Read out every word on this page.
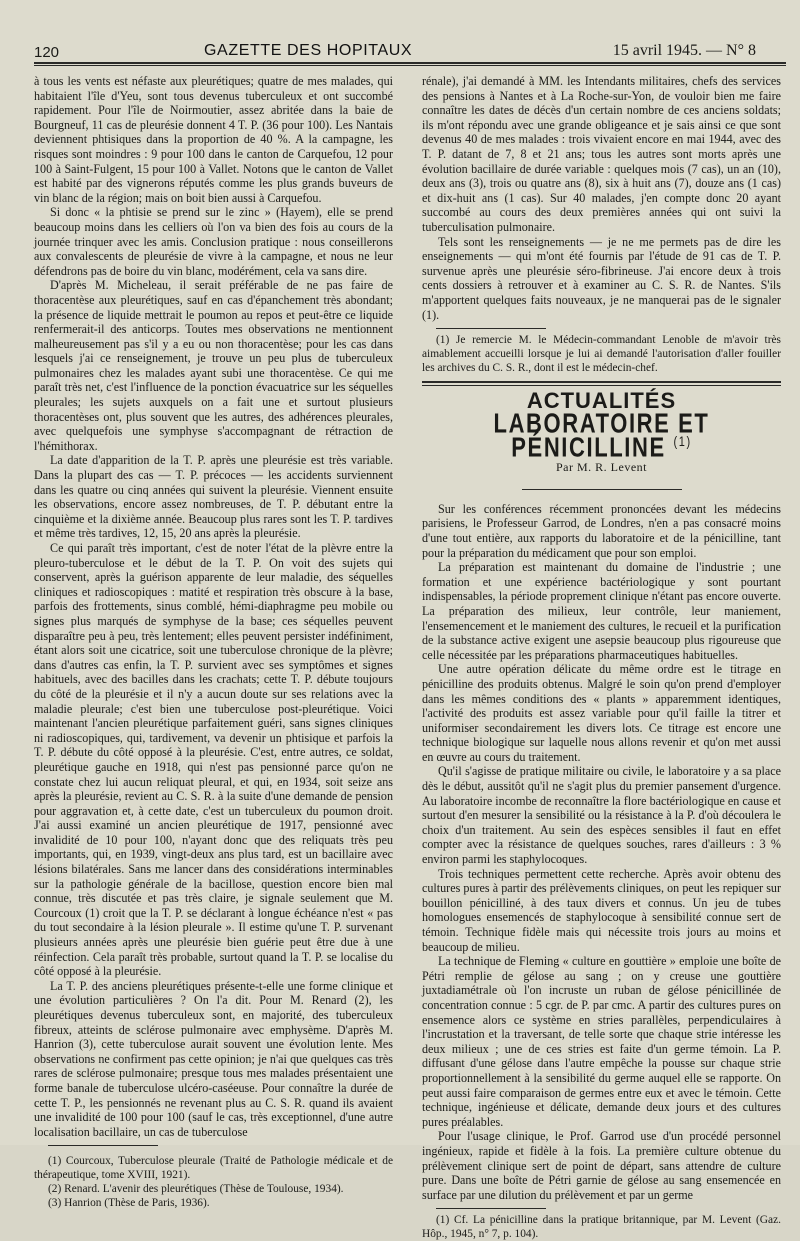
120	GAZETTE DES HOPITAUX	15 avril 1945. — N° 8

à tous les vents est néfaste aux pleurétiques; quatre de mes malades, qui habitaient l'île d'Yeu, sont tous devenus tuberculeux et ont succombé rapidement. Pour l'île de Noirmoutier, assez abritée dans la baie de Bourgneuf, 11 cas de pleurésie donnent 4 T. P. (36 pour 100). Les Nantais deviennent phtisiques dans la proportion de 40 %. A la campagne, les risques sont moindres : 9 pour 100 dans le canton de Carquefou, 12 pour 100 à Saint-Fulgent, 15 pour 100 à Vallet. Notons que le canton de Vallet est habité par des vignerons réputés comme les plus grands buveurs de vin blanc de la région; mais on boit bien aussi à Carquefou.

Si donc « la phtisie se prend sur le zinc » (Hayem), elle se prend beaucoup moins dans les celliers où l'on va bien des fois au cours de la journée trinquer avec les amis. Conclusion pratique : nous conseillerons aux convalescents de pleurésie de vivre à la campagne, et nous ne leur défendrons pas de boire du vin blanc, modérément, cela va sans dire.

D'après M. Micheleau, il serait préférable de ne pas faire de thoracentèse aux pleurétiques, sauf en cas d'épanchement très abondant; la présence de liquide mettrait le poumon au repos et peut-être ce liquide renfermerait-il des anticorps. Toutes mes observations ne mentionnent malheureusement pas s'il y a eu ou non thoracentèse; pour les cas dans lesquels j'ai ce renseignement, je trouve un peu plus de tuberculeux pulmonaires chez les malades ayant subi une thoracentèse. Ce qui me paraît très net, c'est l'influence de la ponction évacuatrice sur les séquelles pleurales; les sujets auxquels on a fait une et surtout plusieurs thoracentèses ont, plus souvent que les autres, des adhérences pleurales, avec quelquefois une symphyse s'accompagnant de rétraction de l'hémithorax.

La date d'apparition de la T. P. après une pleurésie est très variable. Dans la plupart des cas — T. P. précoces — les accidents surviennent dans les quatre ou cinq années qui suivent la pleurésie. Viennent ensuite les observations, encore assez nombreuses, de T. P. débutant entre la cinquième et la dixième année. Beaucoup plus rares sont les T. P. tardives et même très tardives, 12, 15, 20 ans après la pleurésie.

Ce qui paraît très important, c'est de noter l'état de la plèvre entre la pleuro-tuberculose et le début de la T. P. On voit des sujets qui conservent, après la guérison apparente de leur maladie, des séquelles cliniques et radioscopiques : matité et respiration très obscure à la base, parfois des frottements, sinus comblé, hémi-diaphragme peu mobile ou signes plus marqués de symphyse de la base; ces séquelles peuvent disparaître peu à peu, très lentement; elles peuvent persister indéfiniment, étant alors soit une cicatrice, soit une tuberculose chronique de la plèvre; dans d'autres cas enfin, la T. P. survient avec ses symptômes et signes habituels, avec des bacilles dans les crachats; cette T. P. débute toujours du côté de la pleurésie et il n'y a aucun doute sur ses relations avec la maladie pleurale; c'est bien une tuberculose post-pleurétique. Voici maintenant l'ancien pleurétique parfaitement guéri, sans signes cliniques ni radioscopiques, qui, tardivement, va devenir un phtisique et parfois la T. P. débute du côté opposé à la pleurésie. C'est, entre autres, ce soldat, pleurétique gauche en 1918, qui n'est pas pensionné parce qu'on ne constate chez lui aucun reliquat pleural, et qui, en 1934, soit seize ans après la pleurésie, revient au C. S. R. à la suite d'une demande de pension pour aggravation et, à cette date, c'est un tuberculeux du poumon droit. J'ai aussi examiné un ancien pleurétique de 1917, pensionné avec invalidité de 10 pour 100, n'ayant donc que des reliquats très peu importants, qui, en 1939, vingt-deux ans plus tard, est un bacillaire avec lésions bilatérales. Sans me lancer dans des considérations interminables sur la pathologie générale de la bacillose, question encore bien mal connue, très discutée et pas très claire, je signale seulement que M. Courcoux (1) croit que la T. P. se déclarant à longue échéance n'est « pas du tout secondaire à la lésion pleurale ». Il estime qu'une T. P. survenant plusieurs années après une pleurésie bien guérie peut être due à une réinfection. Cela paraît très probable, surtout quand la T. P. se localise du côté opposé à la pleurésie.

La T. P. des anciens pleurétiques présente-t-elle une forme clinique et une évolution particulières ? On l'a dit. Pour M. Renard (2), les pleurétiques devenus tuberculeux sont, en majorité, des tuberculeux fibreux, atteints de sclérose pulmonaire avec emphysème. D'après M. Hanrion (3), cette tuberculose aurait souvent une évolution lente. Mes observations ne confirment pas cette opinion; je n'ai que quelques cas très rares de sclérose pulmonaire; presque tous mes malades présentaient une forme banale de tuberculose ulcéro-caséeuse. Pour connaître la durée de cette T. P., les pensionnés ne revenant plus au C. S. R. quand ils avaient une invalidité de 100 pour 100 (sauf le cas, très exceptionnel, d'une autre localisation bacillaire, un cas de tuberculose

(1) Courcoux, Tuberculose pleurale (Traité de Pathologie médicale et de thérapeutique, tome XVIII, 1921).

(2) Renard. L'avenir des pleurétiques (Thèse de Toulouse, 1934).

(3) Hanrion (Thèse de Paris, 1936).

rénale), j'ai demandé à MM. les Intendants militaires, chefs des services des pensions à Nantes et à La Roche-sur-Yon, de vouloir bien me faire connaître les dates de décès d'un certain nombre de ces anciens soldats; ils m'ont répondu avec une grande obligeance et je sais ainsi ce que sont devenus 40 de mes malades : trois vivaient encore en mai 1944, avec des T. P. datant de 7, 8 et 21 ans; tous les autres sont morts après une évolution bacillaire de durée variable : quelques mois (7 cas), un an (10), deux ans (3), trois ou quatre ans (8), six à huit ans (7), douze ans (1 cas) et dix-huit ans (1 cas). Sur 40 malades, j'en compte donc 20 ayant succombé au cours des deux premières années qui ont suivi la tuberculisation pulmonaire.

Tels sont les renseignements — je ne me permets pas de dire les enseignements — qui m'ont été fournis par l'étude de 91 cas de T. P. survenue après une pleurésie séro-fibrineuse. J'ai encore deux à trois cents dossiers à retrouver et à examiner au C. S. R. de Nantes. S'ils m'apportent quelques faits nouveaux, je ne manquerai pas de le signaler (1).

(1) Je remercie M. le Médecin-commandant Lenoble de m'avoir très aimablement accueilli lorsque je lui ai demandé l'autorisation d'aller fouiller les archives du C. S. R., dont il est le médecin-chef.

ACTUALITÉS
LABORATOIRE ET PÉNICILLINE $^{(1)}$
Par M. R. Levent

Sur les conférences récemment prononcées devant les médecins parisiens, le Professeur Garrod, de Londres, n'en a pas consacré moins d'une tout entière, aux rapports du laboratoire et de la pénicilline, tant pour la préparation du médicament que pour son emploi.

La préparation est maintenant du domaine de l'industrie ; une formation et une expérience bactériologique y sont pourtant indispensables, la période proprement clinique n'étant pas encore ouverte. La préparation des milieux, leur contrôle, leur maniement, l'ensemencement et le maniement des cultures, le recueil et la purification de la substance active exigent une asepsie beaucoup plus rigoureuse que celle nécessitée par les préparations pharmaceutiques habituelles.

Une autre opération délicate du même ordre est le titrage en pénicilline des produits obtenus. Malgré le soin qu'on prend d'employer dans les mêmes conditions des « plants » apparemment identiques, l'activité des produits est assez variable pour qu'il faille la titrer et uniformiser secondairement les divers lots. Ce titrage est encore une technique biologique sur laquelle nous allons revenir et qu'on met aussi en œuvre au cours du traitement.

Qu'il s'agisse de pratique militaire ou civile, le laboratoire y a sa place dès le début, aussitôt qu'il ne s'agit plus du premier pansement d'urgence. Au laboratoire incombe de reconnaître la flore bactériologique en cause et surtout d'en mesurer la sensibilité ou la résistance à la P. d'où découlera le choix d'un traitement. Au sein des espèces sensibles il faut en effet compter avec la résistance de quelques souches, rares d'ailleurs : 3 % environ parmi les staphylocoques.

Trois techniques permettent cette recherche. Après avoir obtenu des cultures pures à partir des prélèvements cliniques, on peut les repiquer sur bouillon pénicilliné, à des taux divers et connus. Un jeu de tubes homologues ensemencés de staphylocoque à sensibilité connue sert de témoin. Technique fidèle mais qui nécessite trois jours au moins et beaucoup de milieu.

La technique de Fleming « culture en gouttière » emploie une boîte de Pétri remplie de gélose au sang ; on y creuse une gouttière juxtadiamétrale où l'on incruste un ruban de gélose pénicillinée de concentration connue : 5 cgr. de P. par cmc. A partir des cultures pures on ensemence alors ce système en stries parallèles, perpendiculaires à l'incrustation et la traversant, de telle sorte que chaque strie intéresse les deux milieux ; une de ces stries est faite d'un germe témoin. La P. diffusant d'une gélose dans l'autre empêche la pousse sur chaque strie proportionnellement à la sensibilité du germe auquel elle se rapporte. On peut aussi faire comparaison de germes entre eux et avec le témoin. Cette technique, ingénieuse et délicate, demande deux jours et des cultures pures préalables.

Pour l'usage clinique, le Prof. Garrod use d'un procédé personnel ingénieux, rapide et fidèle à la fois. La première culture obtenue du prélèvement clinique sert de point de départ, sans attendre de culture pure. Dans une boîte de Pétri garnie de gélose au sang ensemencée en surface par une dilution du prélèvement et par un germe

(1) Cf. La pénicilline dans la pratique britannique, par M. Levent (Gaz. Hôp., 1945, n° 7, p. 104).
